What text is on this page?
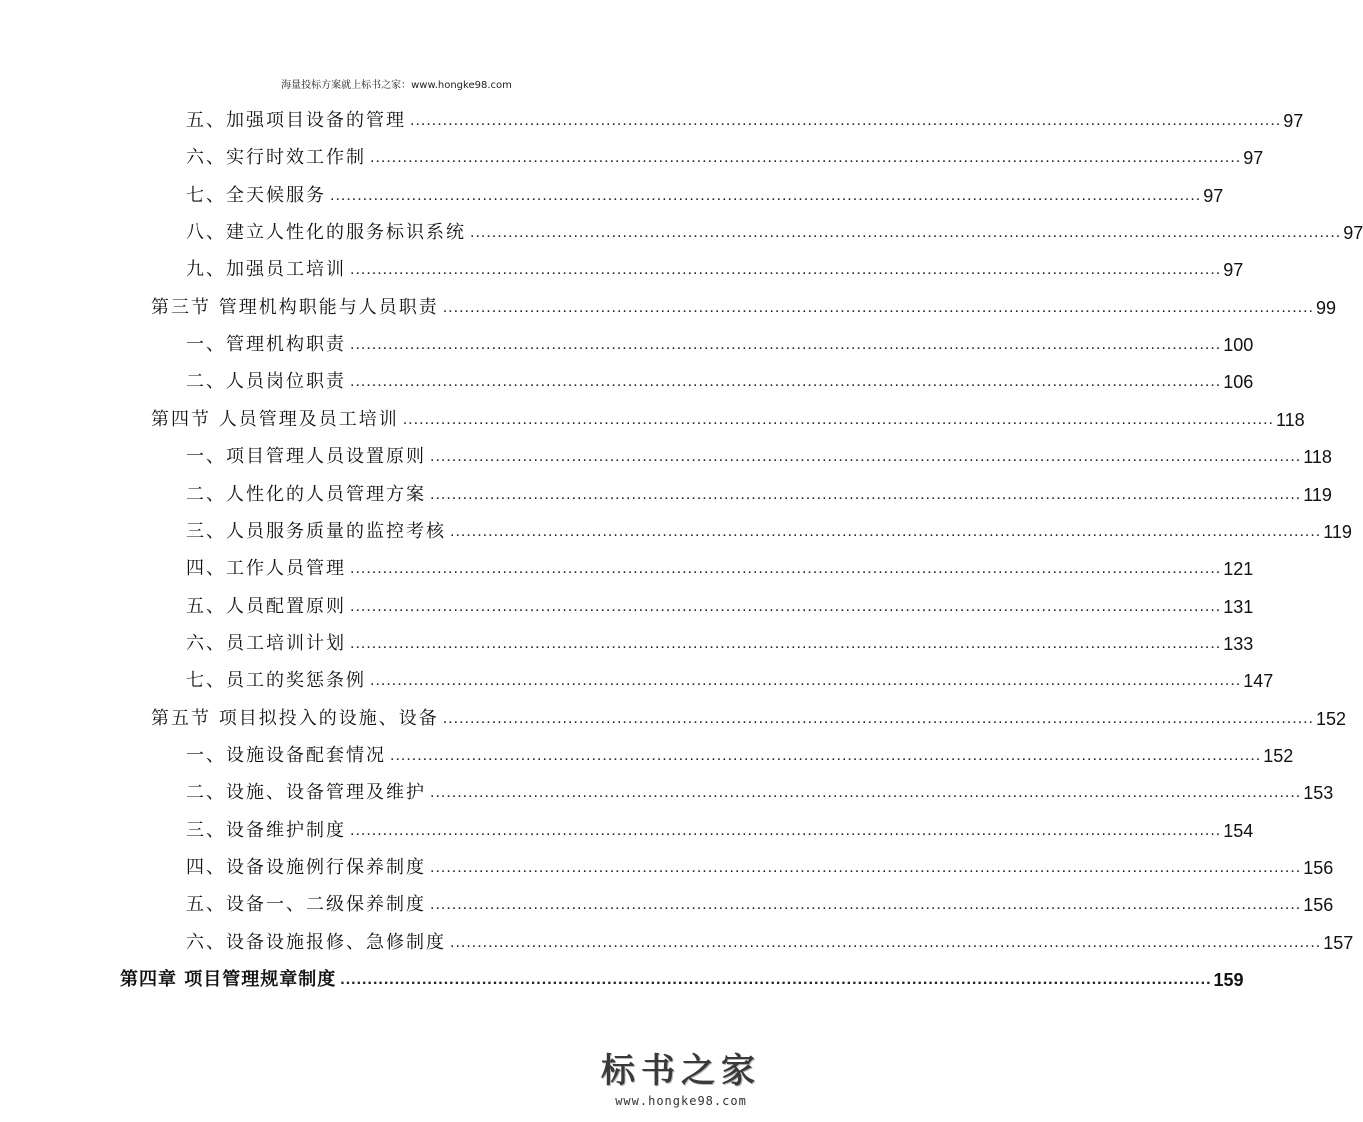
海量投标方案就上标书之家：www.hongke98.com
五、加强项目设备的管理 ................................................................................................................................................................ 97
六、实行时效工作制 ................................................................................................................................................................ 97
七、全天候服务 ................................................................................................................................................................ 97
八、建立人性化的服务标识系统 ................................................................................................................................................................ 97
九、加强员工培训 ................................................................................................................................................................ 97
第三节 管理机构职能与人员职责 ................................................................................................................................................................ 99
一、管理机构职责 ................................................................................................................................................................ 100
二、人员岗位职责 ................................................................................................................................................................ 106
第四节 人员管理及员工培训 ................................................................................................................................................................ 118
一、项目管理人员设置原则 ................................................................................................................................................................ 118
二、人性化的人员管理方案 ................................................................................................................................................................ 119
三、人员服务质量的监控考核 ................................................................................................................................................................ 119
四、工作人员管理 ................................................................................................................................................................ 121
五、人员配置原则 ................................................................................................................................................................ 131
六、员工培训计划 ................................................................................................................................................................ 133
七、员工的奖惩条例 ................................................................................................................................................................ 147
第五节 项目拟投入的设施、设备 ................................................................................................................................................................ 152
一、设施设备配套情况 ................................................................................................................................................................ 152
二、设施、设备管理及维护 ................................................................................................................................................................ 153
三、设备维护制度 ................................................................................................................................................................ 154
四、设备设施例行保养制度 ................................................................................................................................................................ 156
五、设备一、二级保养制度 ................................................................................................................................................................ 156
六、设备设施报修、急修制度 ................................................................................................................................................................ 157
第四章 项目管理规章制度 ................................................................................................................................................................ 159
标书之家
www.hongke98.com
